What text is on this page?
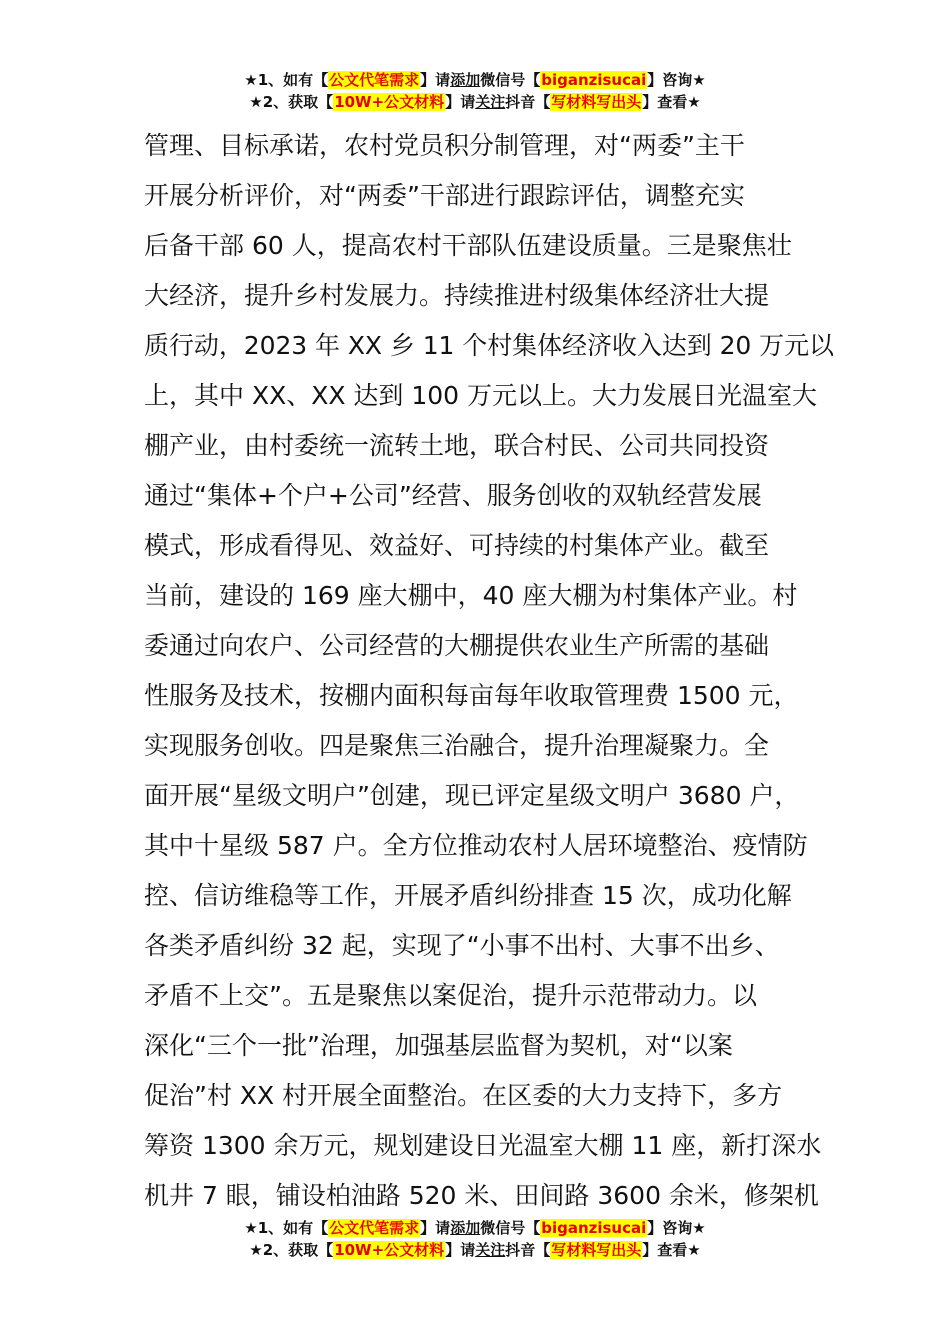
★1、如有【公文代笔需求】请添加微信号【biganzisucai】咨询★
★2、获取【10W+公文材料】请关注抖音【写材料写出头】查看★
管理、目标承诺，农村党员积分制管理，对“两委”主干
开展分析评价，对“两委”干部进行跟踪评估，调整充实
后备干部 60 人，提高农村干部队伍建设质量。三是聚焦壮
大经济，提升乡村发展力。持续推进村级集体经济壮大提
质行动，2023 年 XX 乡 11 个村集体经济收入达到 20 万元以
上，其中 XX、XX 达到 100 万元以上。大力发展日光温室大
棚产业，由村委统一流转土地，联合村民、公司共同投资
通过“集体+个户+公司”经营、服务创收的双轨经营发展
模式，形成看得见、效益好、可持续的村集体产业。截至
当前，建设的 169 座大棚中，40 座大棚为村集体产业。村
委通过向农户、公司经营的大棚提供农业生产所需的基础
性服务及技术，按棚内面积每亩每年收取管理费 1500 元，
实现服务创收。四是聚焦三治融合，提升治理凝聚力。全
面开展“星级文明户”创建，现已评定星级文明户 3680 户，
其中十星级 587 户。全方位推动农村人居环境整治、疫情防
控、信访维稳等工作，开展矛盾纠纷排查 15 次，成功化解
各类矛盾纠纷 32 起，实现了“小事不出村、大事不出乡、
矛盾不上交”。五是聚焦以案促治，提升示范带动力。以
深化“三个一批”治理，加强基层监督为契机，对“以案
促治”村 XX 村开展全面整治。在区委的大力支持下，多方
筹资 1300 余万元，规划建设日光温室大棚 11 座，新打深水
机井 7 眼，铺设柏油路 520 米、田间路 3600 余米，修架机
★1、如有【公文代笔需求】请添加微信号【biganzisucai】咨询★
★2、获取【10W+公文材料】请关注抖音【写材料写出头】查看★
